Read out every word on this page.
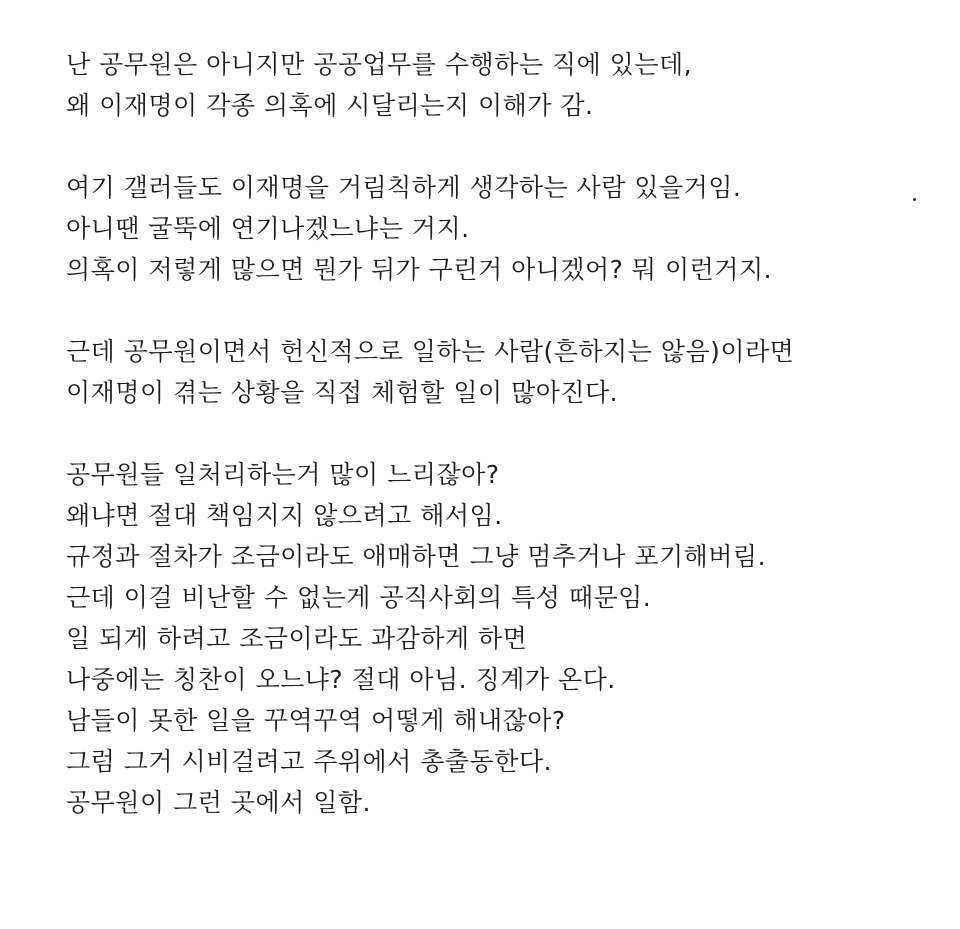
난 공무원은 아니지만 공공업무를 수행하는 직에 있는데,
왜 이재명이 각종 의혹에 시달리는지 이해가 감.
여기 갤러들도 이재명을 거림칙하게 생각하는 사람 있을거임.
아니땐 굴뚝에 연기나겠느냐는 거지.
의혹이 저렇게 많으면 뭔가 뒤가 구린거 아니겠어? 뭐 이런거지.
근데 공무원이면서 헌신적으로 일하는 사람(흔하지는 않음)이라면
이재명이 겪는 상황을 직접 체험할 일이 많아진다.
공무원들 일처리하는거 많이 느리잖아?
왜냐면 절대 책임지지 않으려고 해서임.
규정과 절차가 조금이라도 애매하면 그냥 멈추거나 포기해버림.
근데 이걸 비난할 수 없는게 공직사회의 특성 때문임.
일 되게 하려고 조금이라도 과감하게 하면
나중에는 칭찬이 오느냐? 절대 아님. 징계가 온다.
남들이 못한 일을 꾸역꾸역 어떻게 해내잖아?
그럼 그거 시비걸려고 주위에서 총출동한다.
공무원이 그런 곳에서 일함.
